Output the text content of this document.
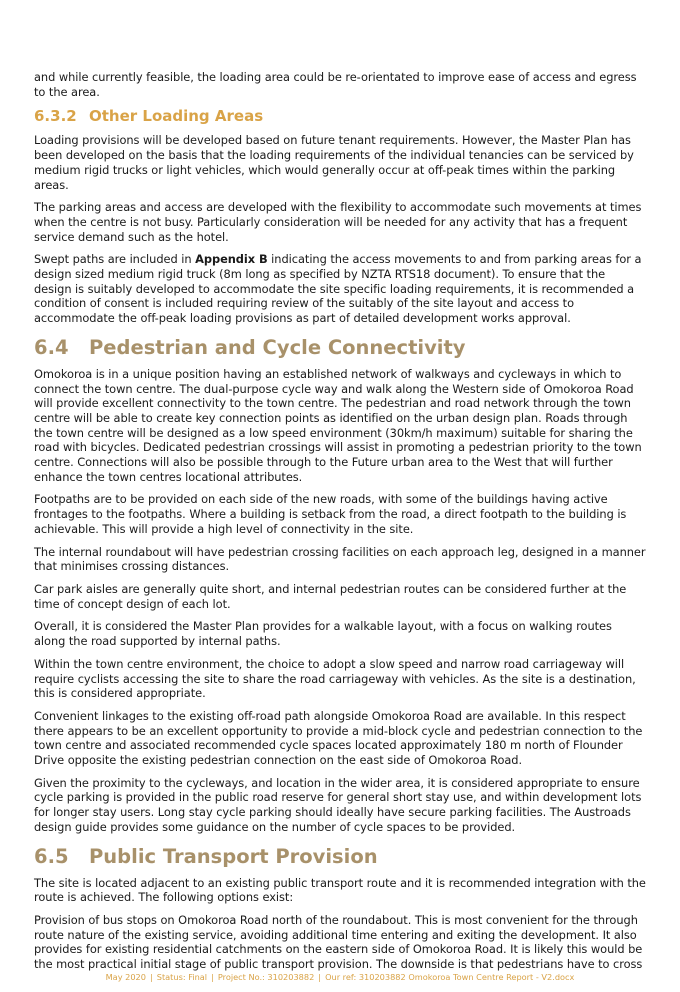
and while currently feasible, the loading area could be re-orientated to improve ease of access and egress to the area.

6.3.2 Other Loading Areas

Loading provisions will be developed based on future tenant requirements. However, the Master Plan has been developed on the basis that the loading requirements of the individual tenancies can be serviced by medium rigid trucks or light vehicles, which would generally occur at off-peak times within the parking areas.

The parking areas and access are developed with the flexibility to accommodate such movements at times when the centre is not busy. Particularly consideration will be needed for any activity that has a frequent service demand such as the hotel.

Swept paths are included in Appendix B indicating the access movements to and from parking areas for a design sized medium rigid truck (8m long as specified by NZTA RTS18 document). To ensure that the design is suitably developed to accommodate the site specific loading requirements, it is recommended a condition of consent is included requiring review of the suitably of the site layout and access to accommodate the off-peak loading provisions as part of detailed development works approval.

6.4 Pedestrian and Cycle Connectivity

Omokoroa is in a unique position having an established network of walkways and cycleways in which to connect the town centre. The dual-purpose cycle way and walk along the Western side of Omokoroa Road will provide excellent connectivity to the town centre. The pedestrian and road network through the town centre will be able to create key connection points as identified on the urban design plan. Roads through the town centre will be designed as a low speed environment (30km/h maximum) suitable for sharing the road with bicycles. Dedicated pedestrian crossings will assist in promoting a pedestrian priority to the town centre. Connections will also be possible through to the Future urban area to the West that will further enhance the town centres locational attributes.

Footpaths are to be provided on each side of the new roads, with some of the buildings having active frontages to the footpaths. Where a building is setback from the road, a direct footpath to the building is achievable. This will provide a high level of connectivity in the site.

The internal roundabout will have pedestrian crossing facilities on each approach leg, designed in a manner that minimises crossing distances.

Car park aisles are generally quite short, and internal pedestrian routes can be considered further at the time of concept design of each lot.

Overall, it is considered the Master Plan provides for a walkable layout, with a focus on walking routes along the road supported by internal paths.

Within the town centre environment, the choice to adopt a slow speed and narrow road carriageway will require cyclists accessing the site to share the road carriageway with vehicles. As the site is a destination, this is considered appropriate.

Convenient linkages to the existing off-road path alongside Omokoroa Road are available. In this respect there appears to be an excellent opportunity to provide a mid-block cycle and pedestrian connection to the town centre and associated recommended cycle spaces located approximately 180 m north of Flounder Drive opposite the existing pedestrian connection on the east side of Omokoroa Road.

Given the proximity to the cycleways, and location in the wider area, it is considered appropriate to ensure cycle parking is provided in the public road reserve for general short stay use, and within development lots for longer stay users. Long stay cycle parking should ideally have secure parking facilities. The Austroads design guide provides some guidance on the number of cycle spaces to be provided.

6.5 Public Transport Provision

The site is located adjacent to an existing public transport route and it is recommended integration with the route is achieved. The following options exist:

Provision of bus stops on Omokoroa Road north of the roundabout. This is most convenient for the through route nature of the existing service, avoiding additional time entering and exiting the development. It also provides for existing residential catchments on the eastern side of Omokoroa Road. It is likely this would be the most practical initial stage of public transport provision. The downside is that pedestrians have to cross

May 2020 | Status: Final | Project No.: 310203882 | Our ref: 310203882 Omokoroa Town Centre Report - V2.docx
